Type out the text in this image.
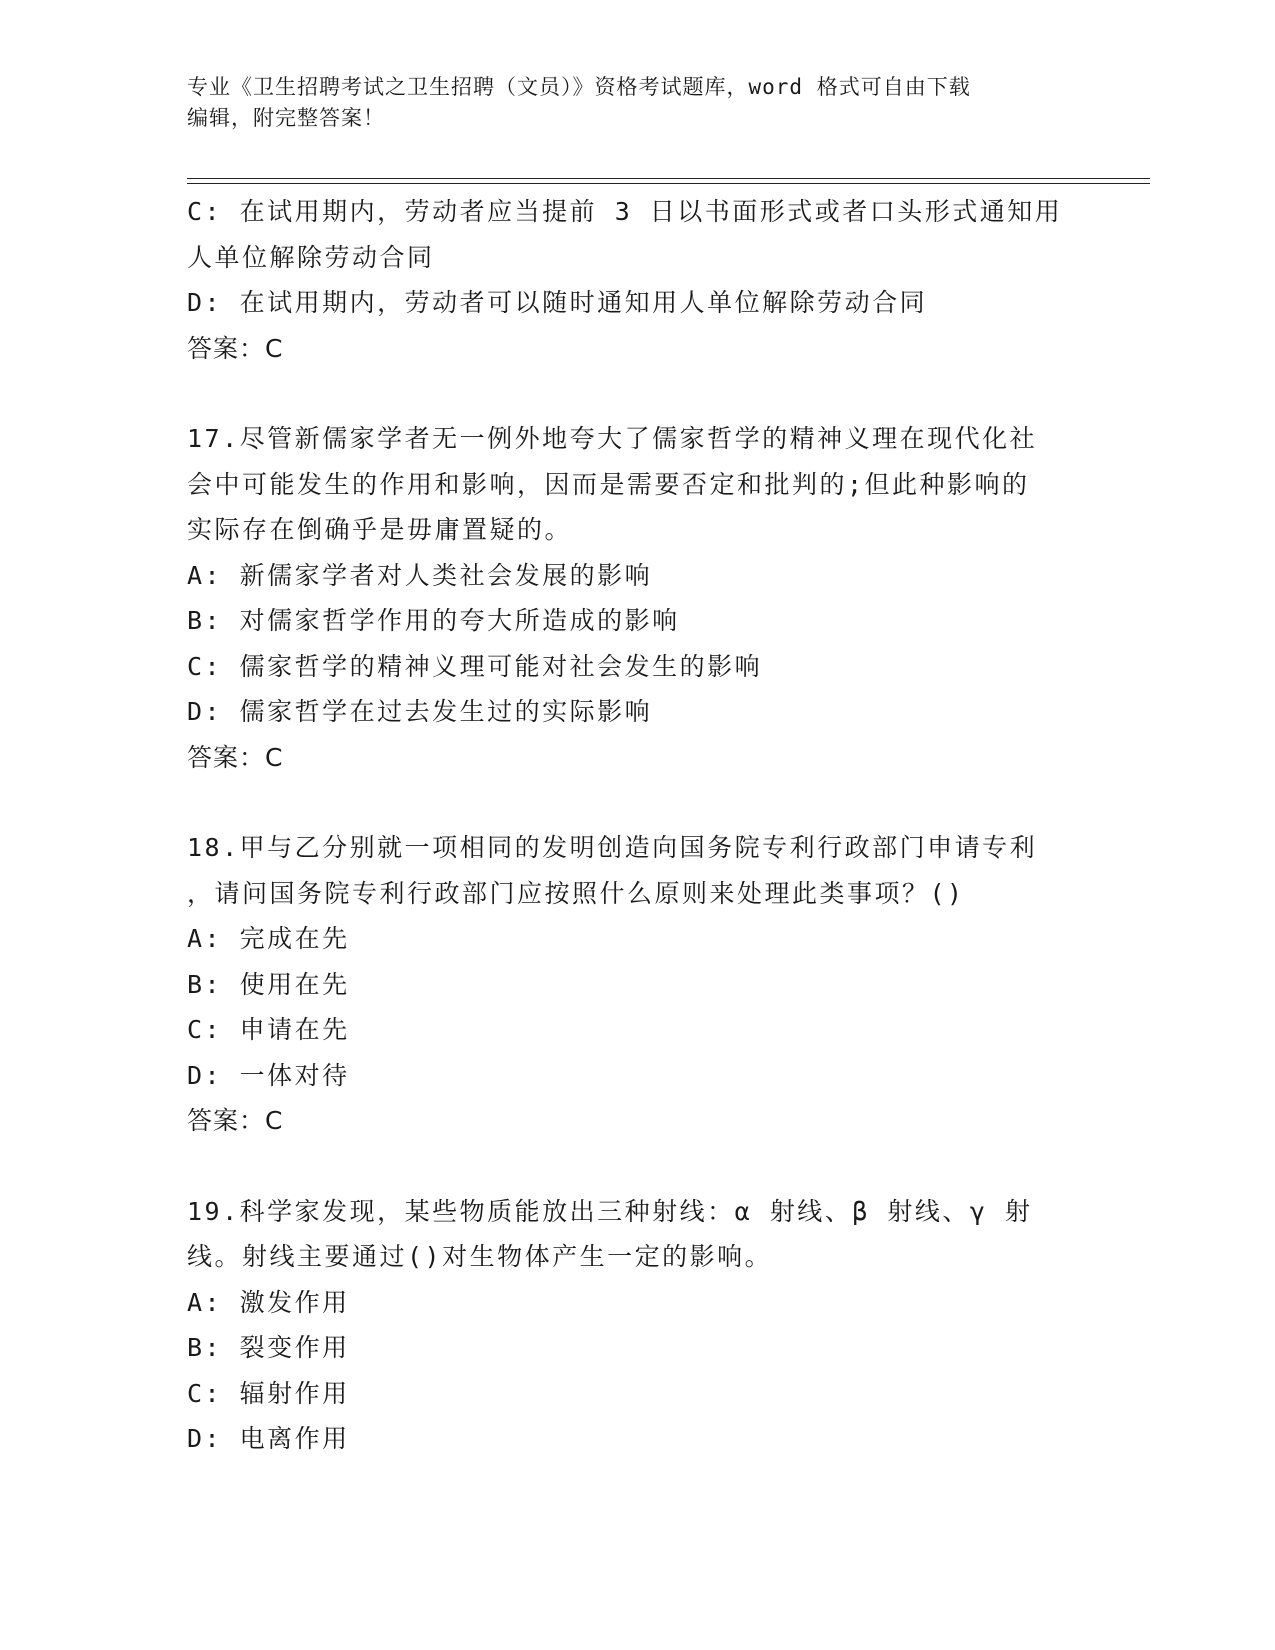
专业《卫生招聘考试之卫生招聘（文员）》资格考试题库，word 格式可自由下载
编辑，附完整答案！
C: 在试用期内，劳动者应当提前 3 日以书面形式或者口头形式通知用
人单位解除劳动合同
D: 在试用期内，劳动者可以随时通知用人单位解除劳动合同
答案：C
17.尽管新儒家学者无一例外地夸大了儒家哲学的精神义理在现代化社
会中可能发生的作用和影响，因而是需要否定和批判的;但此种影响的
实际存在倒确乎是毋庸置疑的。
A: 新儒家学者对人类社会发展的影响
B: 对儒家哲学作用的夸大所造成的影响
C: 儒家哲学的精神义理可能对社会发生的影响
D: 儒家哲学在过去发生过的实际影响
答案：C
18.甲与乙分别就一项相同的发明创造向国务院专利行政部门申请专利
，请问国务院专利行政部门应按照什么原则来处理此类事项？()
A: 完成在先
B: 使用在先
C: 申请在先
D: 一体对待
答案：C
19.科学家发现，某些物质能放出三种射线：α 射线、β 射线、γ 射
线。射线主要通过()对生物体产生一定的影响。
A: 激发作用
B: 裂变作用
C: 辐射作用
D: 电离作用
